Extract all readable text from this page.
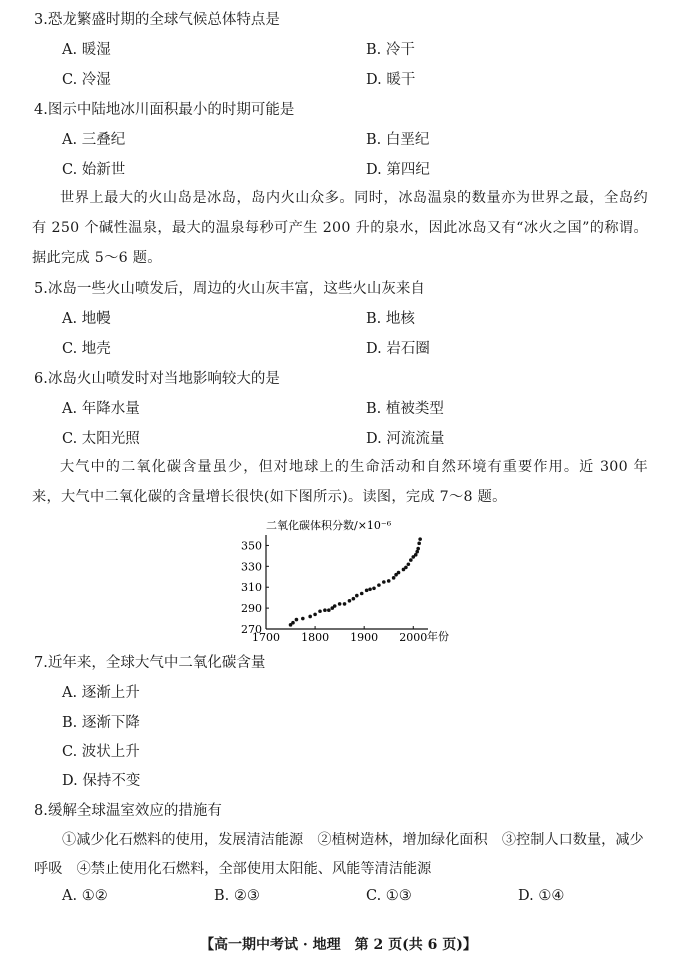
3.恐龙繁盛时期的全球气候总体特点是
A. 暖湿	B. 冷干
C. 冷湿	D. 暖干
4.图示中陆地冰川面积最小的时期可能是
A. 三叠纪	B. 白垩纪
C. 始新世	D. 第四纪
世界上最大的火山岛是冰岛，岛内火山众多。同时，冰岛温泉的数量亦为世界之最，全岛约有 250 个碱性温泉，最大的温泉每秒可产生 200 升的泉水，因此冰岛又有“冰火之国”的称谓。据此完成 5～6 题。
5.冰岛一些火山喷发后，周边的火山灰丰富，这些火山灰来自
A. 地幔	B. 地核
C. 地壳	D. 岩石圈
6.冰岛火山喷发时对当地影响较大的是
A. 年降水量	B. 植被类型
C. 太阳光照	D. 河流流量
大气中的二氧化碳含量虽少，但对地球上的生命活动和自然环境有重要作用。近 300 年来，大气中二氧化碳的含量增长很快(如下图所示)。读图，完成 7～8 题。
二氧化碳体积分数/×10⁻⁶
270
290
310
330
350
1700 1800 1900 2000 年份
7.近年来，全球大气中二氧化碳含量
A. 逐渐上升
B. 逐渐下降
C. 波状上升
D. 保持不变
8.缓解全球温室效应的措施有
①减少化石燃料的使用，发展清洁能源　②植树造林，增加绿化面积　③控制人口数量，减少
呼吸　④禁止使用化石燃料，全部使用太阳能、风能等清洁能源
A. ①②	B. ②③	C. ①③	D. ①④
【高一期中考试 · 地理　第 2 页(共 6 页)】
